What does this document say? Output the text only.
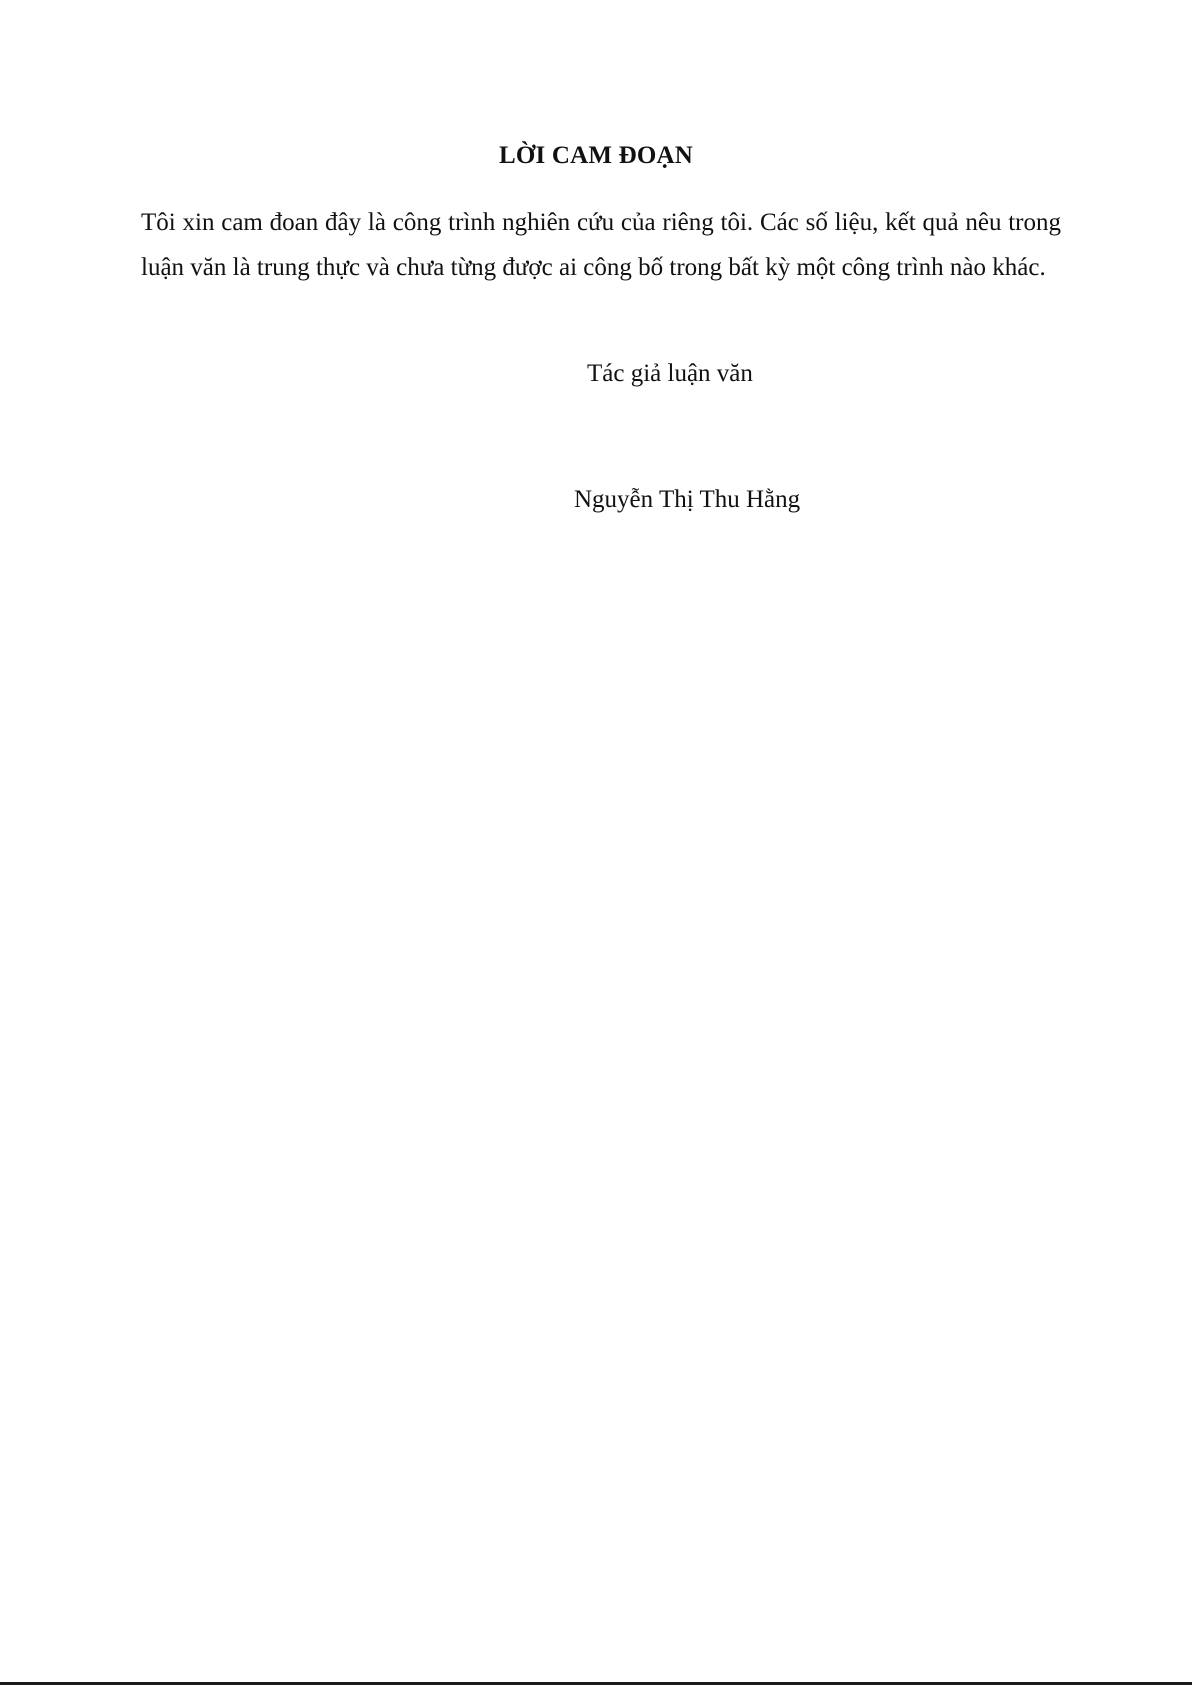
LỜI CAM ĐOẠN

Tôi xin cam đoan đây là công trình nghiên cứu của riêng tôi. Các số liệu, kết quả nêu trong luận văn là trung thực và chưa từng được ai công bố trong bất kỳ một công trình nào khác.

Tác giả luận văn
Nguyễn Thị Thu Hằng
